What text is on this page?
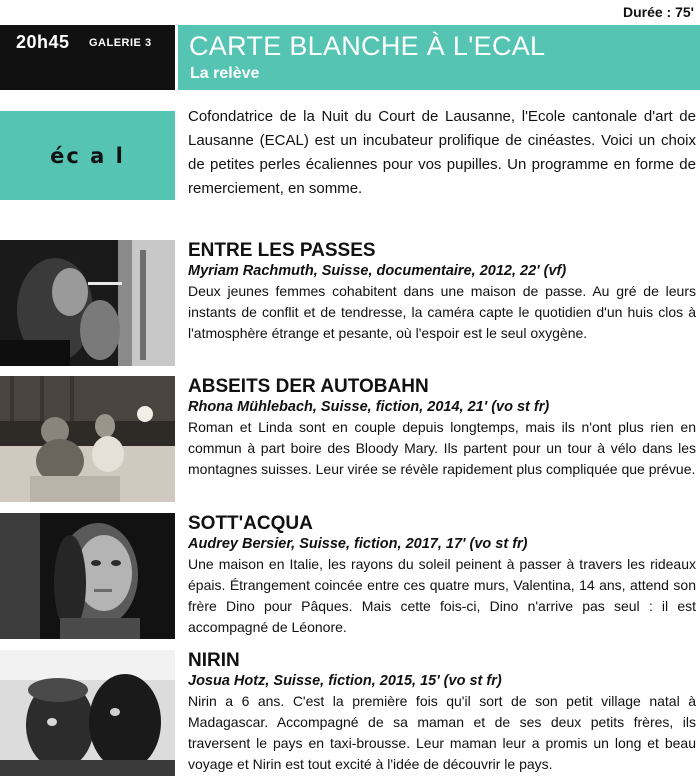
Durée : 75'
20h45 GALERIE 3 CARTE BLANCHE À L'ECAL
La relève
éc a l
Cofondatrice de la Nuit du Court de Lausanne, l'Ecole cantonale d'art de Lausanne (ECAL) est un incubateur prolifique de cinéastes. Voici un choix de petites perles écaliennes pour vos pupilles. Un programme en forme de remerciement, en somme.
ENTRE LES PASSES
Myriam Rachmuth, Suisse, documentaire, 2012, 22' (vf)
Deux jeunes femmes cohabitent dans une maison de passe. Au gré de leurs instants de conflit et de tendresse, la caméra capte le quotidien d'un huis clos à l'atmosphère étrange et pesante, où l'espoir est le seul oxygène.
ABSEITS DER AUTOBAHN
Rhona Mühlebach, Suisse, fiction, 2014, 21' (vo st fr)
Roman et Linda sont en couple depuis longtemps, mais ils n'ont plus rien en commun à part boire des Bloody Mary. Ils partent pour un tour à vélo dans les montagnes suisses. Leur virée se révèle rapidement plus compliquée que prévue.
SOTT'ACQUA
Audrey Bersier, Suisse, fiction, 2017, 17' (vo st fr)
Une maison en Italie, les rayons du soleil peinent à passer à travers les rideaux épais. Étrangement coincée entre ces quatre murs, Valentina, 14 ans, attend son frère Dino pour Pâques. Mais cette fois-ci, Dino n'arrive pas seul : il est accompagné de Léonore.
NIRIN
Josua Hotz, Suisse, fiction, 2015, 15' (vo st fr)
Nirin a 6 ans. C'est la première fois qu'il sort de son petit village natal à Madagascar. Accompagné de sa maman et de ses deux petits frères, ils traversent le pays en taxi-brousse. Leur maman leur a promis un long et beau voyage et Nirin est tout excité à l'idée de découvrir le pays.
